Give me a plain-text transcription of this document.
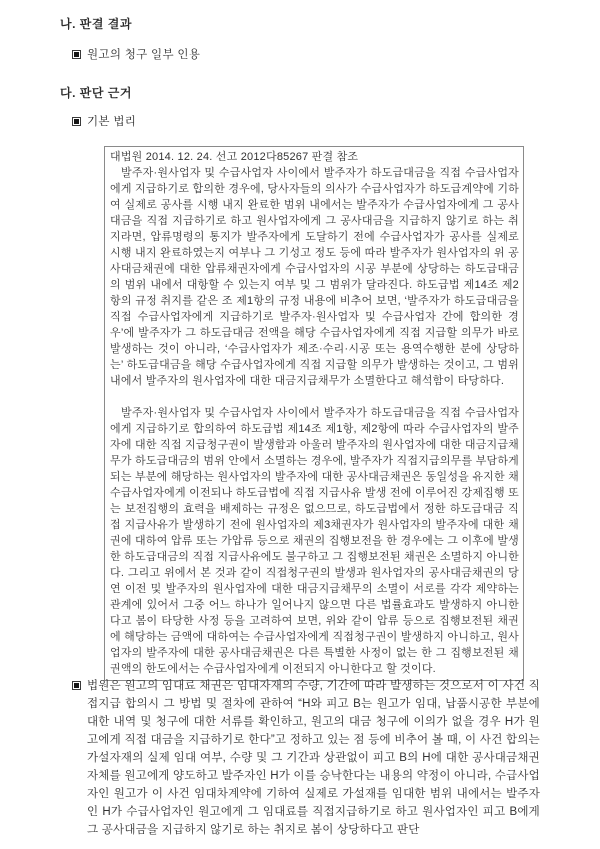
나. 판결 결과
원고의 청구 일부 인용
다. 판단 근거
기본 법리

대법원 2014. 12. 24. 선고 2012다85267 판결 참조

발주자·원사업자 및 수급사업자 사이에서 발주자가 하도급대금을 직접 수급사업자에게 지급하기로 합의한 경우에, 당사자들의 의사가 수급사업자가 하도급계약에 기하여 실제로 공사를 시행 내지 완료한 범위 내에서는 발주자가 수급사업자에게 그 공사대금을 직접 지급하기로 하고 원사업자에게 그 공사대금을 지급하지 않기로 하는 취지라면, 압류명령의 통지가 발주자에게 도달하기 전에 수급사업자가 공사를 실제로 시행 내지 완료하였는지 여부나 그 기성고 정도 등에 따라 발주자가 원사업자의 위 공사대금채권에 대한 압류채권자에게 수급사업자의 시공 부분에 상당하는 하도급대금의 범위 내에서 대항할 수 있는지 여부 및 그 범위가 달라진다. 하도급법 제14조 제2항의 규정 취지를 같은 조 제1항의 규정 내용에 비추어 보면, ‘발주자가 하도급대금을 직접 수급사업자에게 지급하기로 발주자·원사업자 및 수급사업자 간에 합의한 경우’에 발주자가 그 하도급대금 전액을 해당 수급사업자에게 직접 지급할 의무가 바로 발생하는 것이 아니라, ‘수급사업자가 제조·수리·시공 또는 용역수행한 분에 상당하는’ 하도급대금을 해당 수급사업자에게 직접 지급할 의무가 발생하는 것이고, 그 범위 내에서 발주자의 원사업자에 대한 대금지급채무가 소멸한다고 해석함이 타당하다.

발주자·원사업자 및 수급사업자 사이에서 발주자가 하도급대금을 직접 수급사업자에게 지급하기로 합의하여 하도급법 제14조 제1항, 제2항에 따라 수급사업자의 발주자에 대한 직접 지급청구권이 발생함과 아울러 발주자의 원사업자에 대한 대금지급채무가 하도급대금의 범위 안에서 소멸하는 경우에, 발주자가 직접지급의무를 부담하게 되는 부분에 해당하는 원사업자의 발주자에 대한 공사대금채권은 동일성을 유지한 채 수급사업자에게 이전되나 하도급법에 직접 지급사유 발생 전에 이루어진 강제집행 또는 보전집행의 효력을 배제하는 규정은 없으므로, 하도급법에서 정한 하도급대금 직접 지급사유가 발생하기 전에 원사업자의 제3채권자가 원사업자의 발주자에 대한 채권에 대하여 압류 또는 가압류 등으로 채권의 집행보전을 한 경우에는 그 이후에 발생한 하도급대금의 직접 지급사유에도 불구하고 그 집행보전된 채권은 소멸하지 아니한다. 그리고 위에서 본 것과 같이 직접청구권의 발생과 원사업자의 공사대금채권의 당연 이전 및 발주자의 원사업자에 대한 대금지급채무의 소멸이 서로를 각각 제약하는 관계에 있어서 그중 어느 하나가 일어나지 않으면 다른 법률효과도 발생하지 아니한다고 봄이 타당한 사정 등을 고려하여 보면, 위와 같이 압류 등으로 집행보전된 채권에 해당하는 금액에 대하여는 수급사업자에게 직접청구권이 발생하지 아니하고, 원사업자의 발주자에 대한 공사대금채권은 다른 특별한 사정이 없는 한 그 집행보전된 채권액의 한도에서는 수급사업자에게 이전되지 아니한다고 할 것이다.

법원은 원고의 임대료 채권은 임대자재의 수량, 기간에 따라 발생하는 것으로서 이 사건 직접지급 합의시 그 방법 및 절차에 관하여 “H와 피고 B는 원고가 임대, 납품시공한 부분에 대한 내역 및 청구에 대한 서류를 확인하고, 원고의 대금 청구에 이의가 없을 경우 H가 원고에게 직접 대금을 지급하기로 한다”고 정하고 있는 점 등에 비추어 볼 때, 이 사건 합의는 가설자재의 실제 임대 여부, 수량 및 그 기간과 상관없이 피고 B의 H에 대한 공사대금채권 자체를 원고에게 양도하고 발주자인 H가 이를 승낙한다는 내용의 약정이 아니라, 수급사업자인 원고가 이 사건 임대차계약에 기하여 실제로 가설재를 임대한 범위 내에서는 발주자인 H가 수급사업자인 원고에게 그 임대료를 직접지급하기로 하고 원사업자인 피고 B에게 그 공사대금을 지급하지 않기로 하는 취지로 봄이 상당하다고 판단
